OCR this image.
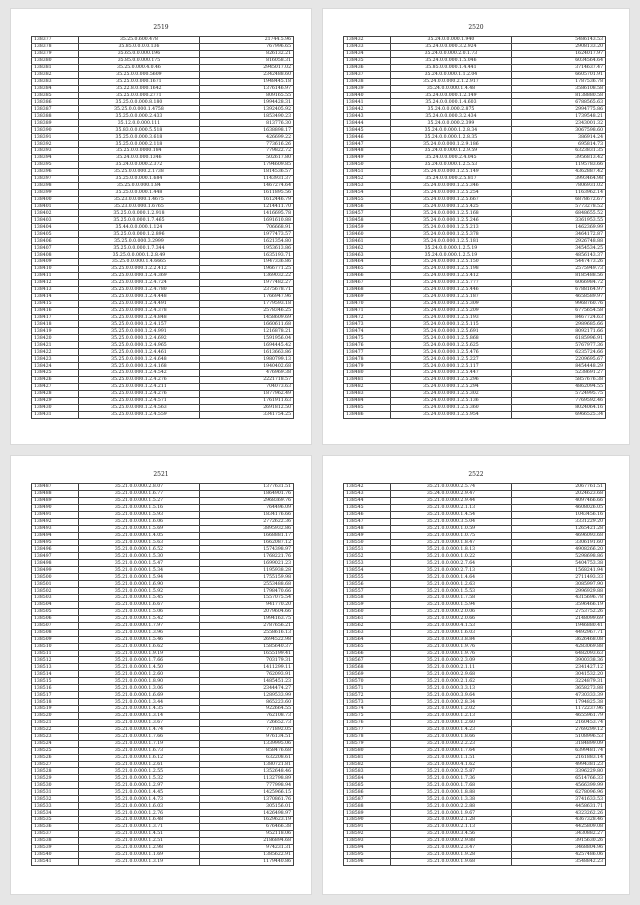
2519
138377	35.25.0.600.478	21744.5.96
138378	35.85.0.0.0.0.136	767996.65
138379	35.65.0.0.000.196	826132.21
138380	35.85.0.0.000.175	816058.31
138381	35.25.0.000.4.0.46	2945017.02
138382	35.25.0.0.000.5609	2342488.60
138383	35.25.0.0.000.1671	1948445.18
138384	35.22.8.0.000.1642	1376146.97
138385	35.25.0.0.000.2771	809165.55
138386	35.25.0.0.000.8.180	1994428.31
138387	35.25.0.0.000.1.4758	1392405.92
138388	35.25.0.0.000.2.433	1853490.23
138389	35.12.0.0.000.111	813776.30
138390	35.83.0.0.000.5.518	1638898.17
138391	35.25.0.0.000.3.618	426699.22
138392	35.25.0.0.000.2.118	773616.26
138393	35.25.0.0.0000.184	779822.72
138394	35.24.0.0.000.1346	502617.80
138395	35.24.0.0.000.2.372	1794609.85
138396	35.25.0.0.000.2.1738	1814536.57
138397	35.25.0.0.000.1.684	1143931.37
138398	35.25.0.0.000.1.84	1467274.64
138399	35.25.0.0.000.1.448	1611895.56
138400	35.23.0.0.000.1.4675	1612446.79
138401	35.23.0.0.000.1.6765	1214411.70
138402	35.25.0.0.000.1.2.918	1416695.78
138403	35.25.0.0.000.1.7.465	1691610.88
138404	35.44.0.0.000.1.124	706668.91
138405	35.25.0.0.000.1.2.896	1977473.57
138406	35.25.0.0.000.3.2999	1621354.80
138407	35.25.0.0.000.1.7.344	1953613.86
138408	35.25.0.0.000.1.2.8.49	1635193.71
138409	35.25.0.0.000.1.4.6665	1947336.86
138410	35.25.0.0.000.1.2.2.412	1966771.25
138411	35.25.0.0.000.1.2.4.369	1369032.22
138412	35.25.0.0.000.1.2.4.724	1977482.27
138413	35.25.0.0.000.1.2.4.780	2375678.71
138414	35.25.0.0.000.1.2.4.448	1766947.96
138415	35.25.0.0.000.1.2.4.491	1779593.18
138416	35.25.0.0.000.1.2.4.378	2578346.25
138417	35.25.0.0.000.1.2.4.848	1458609.69
138418	35.25.0.0.000.1.2.4.157	1660611.68
138419	35.25.0.0.000.1.2.4.991	1216878.21
138420	35.25.0.0.000.1.2.4.692	1591956.04
138421	35.25.0.0.000.1.2.4.965	1694445.42
138422	35.25.0.0.000.1.2.4.461	1613663.86
138423	35.25.0.0.000.1.2.4.648	1980799.13
138424	35.25.0.0.000.1.2.4.168	1940402.68
138425	35.25.0.0.000.1.2.4.542	476969.38
138426	35.25.0.0.000.1.2.4.276	2221718.57
138427	35.25.0.0.000.1.2.4.211	704073.63
138428	35.25.0.0.000.1.2.4.276	1877962.49
138429	35.25.0.0.000.1.2.4.571	1761911.63
138430	35.25.0.0.000.1.2.4.563	2691812.50
138431	35.25.0.0.000.1.2.4.559	3341754.25
2520
138432	35.24.0.0.000.1.940	5486143.53
138433	35.24.0.0.000.3.2.924	2908133.20
138434	35.24.0.0.000.2.0.1.73	1624017.97
138435	35.24.0.0.000.1.5.046	6034564.64
138436	35.85.0.0.000.1.4.441	3714637.47
138437	35.24.0.0.000.1.1.2.04	6605701.91
138438	35.24.0.0.000.2.1.2.917	1787536.78
138439	35.24.0.0.000.1.4.48	3586108.58
138440	35.24.0.0.000.1.2.149	8138880.58
138441	35.24.0.0.000.1.4.603	6788565.63
138442	35.24.0.0.000.2.875	2994775.86
138443	35.24.0.0.000.3.2.434	1739548.21
138444	35.24.0.0.000.2.399	2343001.32
138445	35.24.0.0.000.1.2.8.34	3067598.60
138446	35.24.0.0.000.1.2.8.35	386914.24
138447	35.24.0.0.000.1.2.9.186	695814.73
138448	35.24.0.0.000.1.2.9.59	6323831.35
138449	35.24.0.0.000.2.4.045	3956813.42
138450	35.24.0.0.000.1.2.5.53	1195783.66
138451	35.24.0.0.000.1.2.5.149	4362887.42
138452	35.24.0.0.000.2.5.817	3993464.98
138453	35.24.0.0.000.1.2.5.346	7806931.02
138454	35.24.0.0.000.1.2.5.254	1163962.14
138455	35.24.0.0.000.1.2.5.667	6878672.67
138456	35.24.0.0.000.1.2.5.425	5773278.52
138457	35.24.0.0.000.1.2.5.168	6848655.52
138458	35.24.0.0.000.1.2.5.246	3361953.55
138459	35.24.0.0.000.1.2.5.213	1462369.99
138460	35.24.0.0.000.1.2.5.378	3464172.87
138461	35.24.0.0.000.1.2.5.181	2926748.88
138462	35.24.0.0.000.1.2.5.19	3454534.25
138463	35.24.0.0.000.1.2.5.19	4856143.37
138464	35.24.0.0.000.1.2.5.150	5447473.26
138465	35.24.0.0.000.1.2.5.198	2575949.73
138466	35.24.0.0.000.1.2.5.412	8185488.56
138467	35.24.0.0.000.1.2.5.777	6066984.72
138468	35.24.0.0.000.1.2.5.446	6788164.97
138469	35.24.0.0.000.1.2.5.187	4658589.97
138470	35.24.0.0.000.1.2.5.309	9968760.76
138471	35.24.0.0.000.1.2.5.209	6775654.58
138472	35.24.0.0.000.1.2.5.193	8467724.63
138473	35.24.0.0.000.1.2.5.115	2989685.66
138474	35.24.0.0.000.1.2.5.691	8092171.66
138475	35.24.0.0.000.1.2.5.868	6185996.91
138476	35.24.0.0.000.1.2.5.625	5767977.36
138477	35.24.0.0.000.1.2.5.476	6235724.66
138478	35.24.0.0.000.1.2.5.227	2209695.67
138479	35.24.0.0.000.1.2.5.117	8454448.29
138480	35.24.0.0.000.1.2.5.447	5238691.27
138481	35.24.0.0.000.1.2.5.296	5857676.38
138482	35.24.0.0.000.1.2.5.294	4862094.55
138483	35.24.0.0.000.1.2.5.302	5724995.75
138484	35.24.0.0.000.1.2.5.136	7769592.46
138485	35.24.0.0.000.1.2.5.360	8024064.16
138486	35.24.0.0.000.1.2.5.954	6966525.34
2521
138487	35.21.0.0.000.2.8.07	1377631.51
138488	35.21.0.0.000.1.6.77	1864901.76
138489	35.21.0.0.000.1.5.27	2968369.76
138490	35.21.0.0.000.1.5.16	764496.09
138491	35.21.0.0.000.1.5.93	1834176.66
138492	35.21.0.0.000.1.6.06	2772622.36
138493	35.21.0.0.000.1.5.69	3895932.86
138494	35.21.0.0.000.1.4.05	1668881.17
138495	35.21.0.0.000.1.5.63	1662087.12
138496	35.21.0.0.000.1.6.52	1574398.97
138497	35.21.0.0.000.1.5.30	1768221.76
138498	35.21.0.0.000.1.5.47	1699021.23
138499	35.21.0.0.000.1.5.34	1195938.28
138500	35.21.0.0.000.1.5.94	1755159.98
138501	35.21.0.0.000.1.6.90	2553488.68
138502	35.21.0.0.000.1.5.92	1798470.66
138503	35.21.0.0.000.1.5.45	1557075.54
138504	35.21.0.0.000.1.6.67	941770.20
138505	35.21.0.0.000.1.5.06	2079604.66
138506	35.21.0.0.000.1.5.42	1994163.75
138507	35.21.0.0.000.1.7.97	2787656.21
138508	35.21.0.0.000.1.3.96	2558616.13
138509	35.21.0.0.000.1.5.46	2694522.98
138510	35.21.0.0.000.1.6.62	1585640.37
138511	35.21.0.0.000.1.9.19	1655199.41
138512	35.21.0.0.000.1.7.66	703179.31
138513	35.21.0.0.000.1.4.50	1411299.11
138514	35.21.0.0.000.1.2.60	762093.91
138515	35.21.0.0.000.1.8.90	1485451.23
138516	35.21.0.0.000.1.3.06	2344474.27
138517	35.21.0.0.000.1.6.69	1289533.99
138518	35.21.0.0.000.1.3.44	865223.60
138519	35.21.0.0.000.1.4.35	922664.55
138520	35.21.0.0.000.1.3.14	762108.73
138521	35.21.0.0.000.1.3.67	726652.73
138522	35.21.0.0.000.1.4.74	771892.05
138523	35.21.0.0.000.1.7.66	976134.51
138524	35.21.0.0.000.1.7.19	1339995.06
138525	35.21.0.0.000.1.6.73	858476.68
138526	35.21.0.0.000.1.6.12	632208.61
138527	35.21.0.0.000.1.2.61	1380721.81
138528	35.21.0.0.000.1.2.55	1352648.46
138529	35.21.0.0.000.1.5.32	1132798.89
138530	35.21.0.0.000.1.2.97	777998.94
138531	35.21.0.0.000.1.4.45	1425966.15
138532	35.21.0.0.000.1.4.73	1370861.76
138533	35.21.0.0.000.1.6.03	305156.01
138534	35.21.0.0.000.1.2.76	1426498.97
138535	35.21.0.0.000.1.6.48	1629623.19
138536	35.21.0.0.000.1.3.71	676466.38
138537	35.21.0.0.000.1.4.51	952118.06
138538	35.21.0.0.000.1.2.51	2186894.68
138539	35.21.0.0.000.1.2.98	974231.31
138540	35.21.0.0.000.1.1.69	1385622.91
138541	35.21.0.0.000.1.3.19	1179440.86
2522
138542	35.21.0.0.000.2.5.74	2067761.51
138543	35.24.0.0.000.2.9.47	2024623.68
138544	35.21.0.0.000.2.9.44	4097466.66
138545	35.21.0.0.000.2.1.13	4608026.05
138546	35.21.0.0.000.1.4.54	1043456.16
138547	35.21.0.0.000.3.5.04	3331229.20
138548	35.21.0.0.000.1.0.59	1265421.28
138549	35.21.0.0.000.1.0.75	4696093.68
138550	35.21.0.0.000.1.8.47	3306191.60
138551	35.21.0.0.000.1.8.13	4908266.20
138552	35.21.0.0.000.1.0.22	5298698.86
138553	35.21.0.0.000.2.7.64	5404753.38
138554	35.21.0.0.000.2.7.13	1568241.94
138555	35.21.0.0.000.1.4.64	2711493.33
138556	35.21.0.0.000.1.2.63	3085997.90
138557	35.21.0.0.000.1.5.53	2996929.88
138558	35.21.0.0.000.1.7.58	4315696.78
138559	35.21.0.0.000.1.5.94	3596466.19
138560	35.21.0.0.000.2.0.06	2753752.26
138561	35.21.0.0.000.2.0.66	2148099.69
138562	35.21.0.0.000.4.1.53	1946880.41
138563	35.21.0.0.000.1.6.03	4492967.71
138564	35.21.0.0.000.3.8.84	3626468.08
138565	35.21.0.0.000.1.9.76	4283069.88
138566	35.21.0.0.000.1.9.76	6482093.63
138567	35.21.0.0.000.2.3.09	3900338.36
138568	35.21.0.0.000.2.1.11	2341427.12
138569	35.21.0.0.000.2.9.68	3041532.20
138570	35.21.0.0.000.2.1.62	3224879.31
138571	35.21.0.0.000.3.3.13	3658273.88
138572	35.21.0.0.000.3.9.64	4730333.39
138573	35.21.0.0.000.2.8.34	1794825.38
138574	35.21.0.0.000.1.2.02	1172237.96
138575	35.21.0.0.000.1.2.13	4655961.79
138576	35.21.0.0.000.1.2.60	2160453.74
138577	35.21.0.0.000.1.4.23	2769299.12
138578	35.21.0.0.000.1.8.66	5108996.53
138579	35.21.0.0.000.2.2.23	3184899.09
138580	35.21.0.0.000.1.7.64	6399481.74
138581	35.21.0.0.000.1.1.51	2161883.14
138582	35.21.0.0.000.4.1.62	4994381.23
138583	35.21.0.0.000.2.5.87	3396229.80
138584	35.21.0.0.000.1.7.36	6514766.33
138585	35.21.0.0.000.1.7.68	4566399.99
138586	35.21.0.0.000.1.8.88	6278096.96
138587	35.21.0.0.000.1.3.38	3741633.53
138588	35.21.0.0.000.2.2.88	4458631.71
138589	35.21.0.0.000.1.9.67	4323262.26
138590	35.21.0.0.000.2.1.28	4367328.46
138591	35.21.0.0.000.2.1.13	4425809.08
138592	35.21.0.0.000.3.4.56	3430882.27
138593	35.21.0.0.000.2.9.88	3915630.26
138594	35.21.0.0.000.2.3.47	3468804.96
138595	35.21.0.0.000.1.9.28	4257486.06
138596	35.21.0.0.000.1.9.68	3548842.23
